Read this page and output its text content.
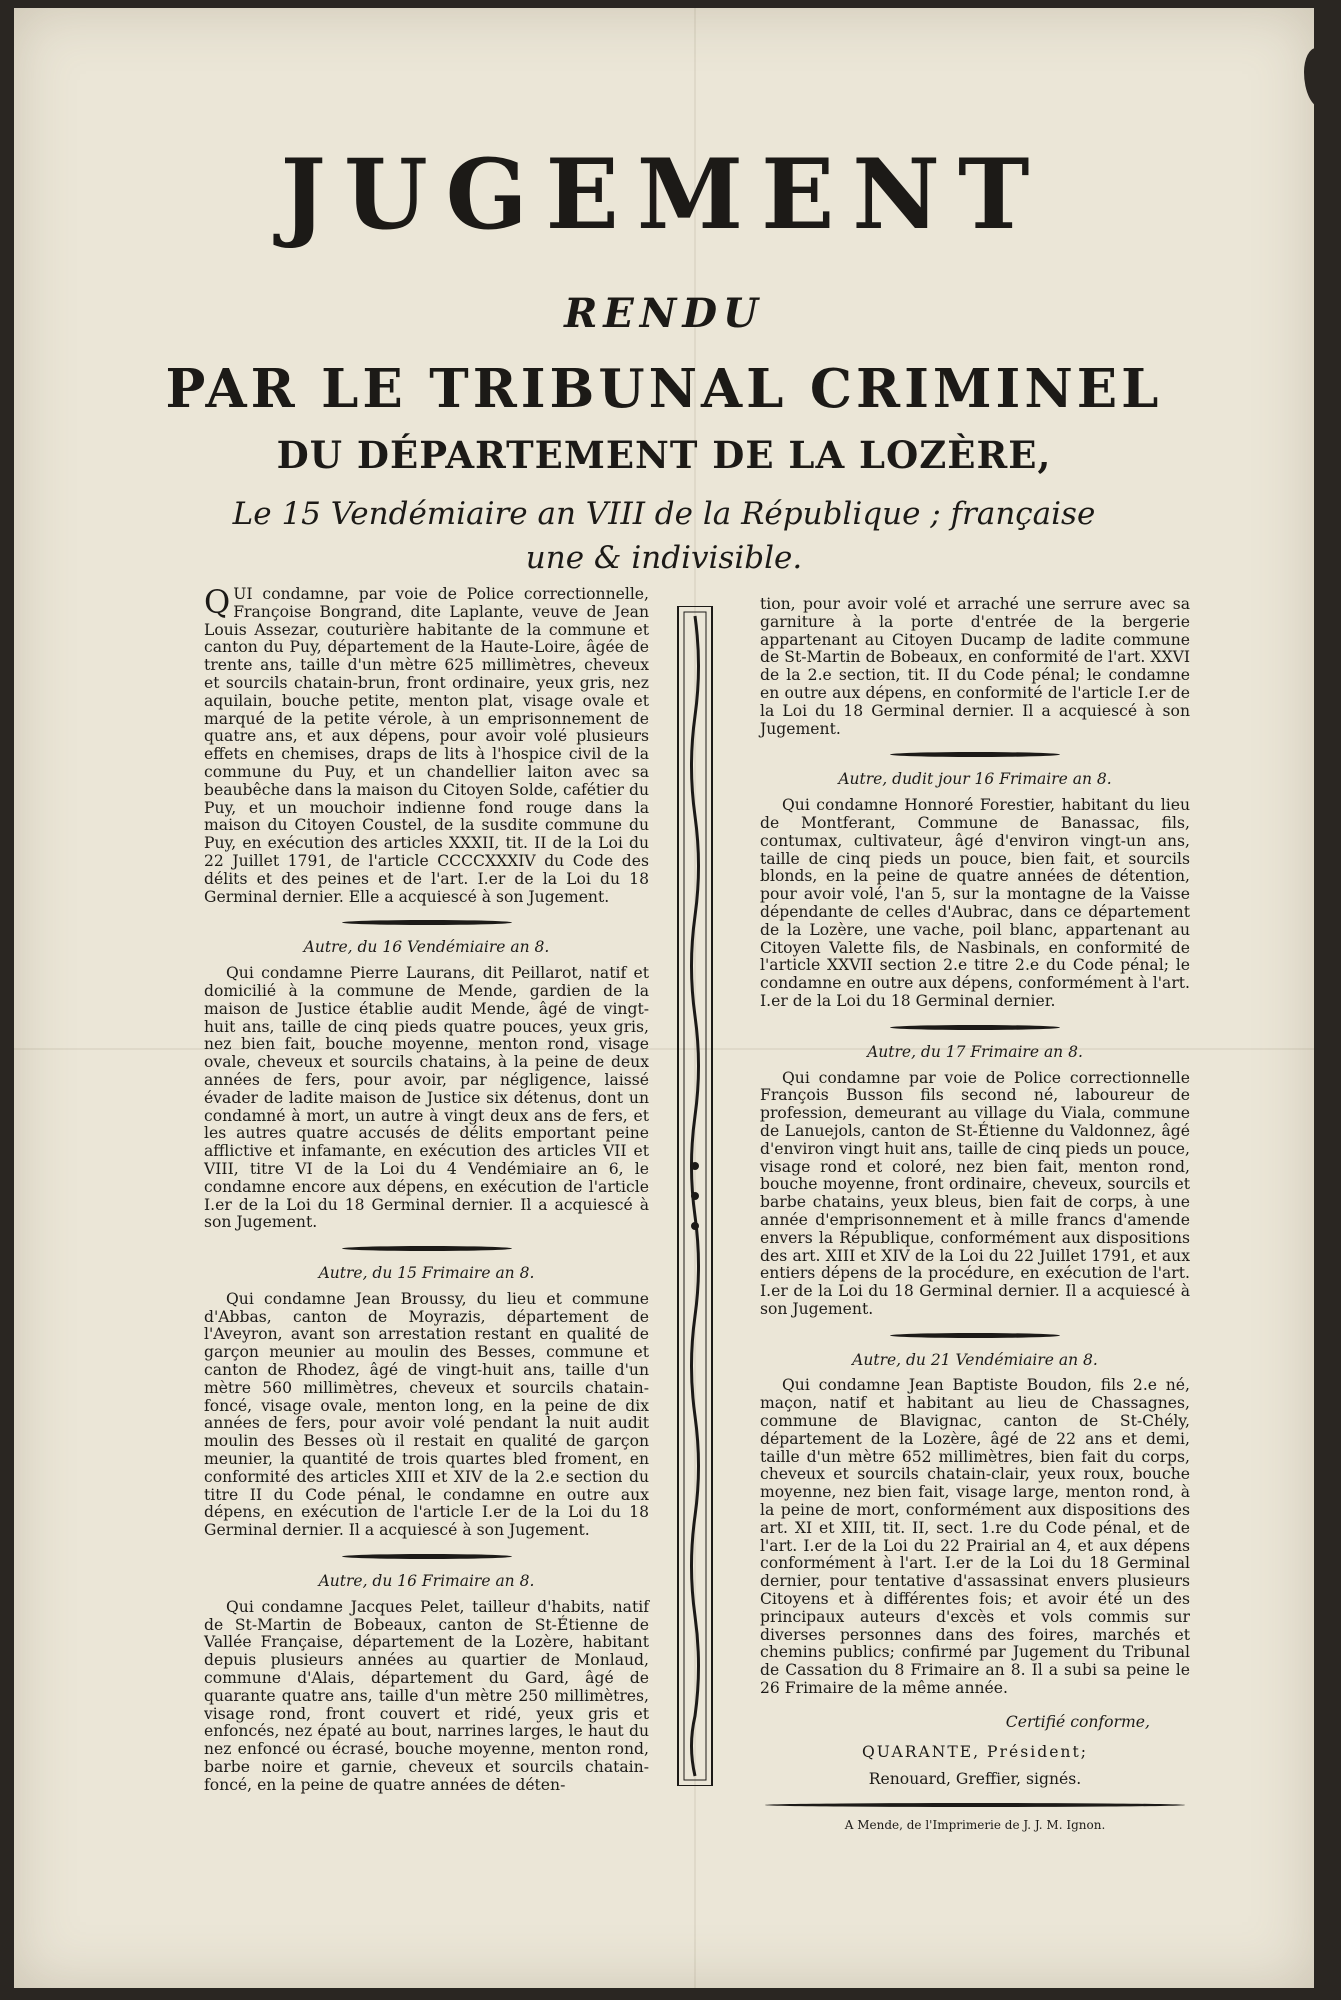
JUGEMENT
RENDU
PAR LE TRIBUNAL CRIMINEL
DU DÉPARTEMENT DE LA LOZÈRE,
Le 15 Vendémiaire an VIII de la République ; française une & indivisible.

QUI condamne, par voie de Police correctionnelle, Françoise Bongrand, dite Laplante, veuve de Jean Louis Assezar, couturière habitante de la commune et canton du Puy, département de la Haute-Loire, âgée de trente ans, taille d'un mètre 625 millimètres, cheveux et sourcils chatain-brun, front ordinaire, yeux gris, nez aquilain, bouche petite, menton plat, visage ovale et marqué de la petite vérole, à un emprisonnement de quatre ans, et aux dépens, pour avoir volé plusieurs effets en chemises, draps de lits à l'hospice civil de la commune du Puy, et un chandellier laiton avec sa beaubêche dans la maison du Citoyen Solde, cafétier du Puy, et un mouchoir indienne fond rouge dans la maison du Citoyen Coustel, de la susdite commune du Puy, en exécution des articles XXXII, tit. II de la Loi du 22 Juillet 1791, de l'article CCCCXXXIV du Code des délits et des peines et de l'art. I.er de la Loi du 18 Germinal dernier. Elle a acquiescé à son Jugement.

Autre, du 16 Vendémiaire an 8.

Qui condamne Pierre Laurans, dit Peillarot, natif et domicilié à la commune de Mende, gardien de la maison de Justice établie audit Mende, âgé de vingt-huit ans, taille de cinq pieds quatre pouces, yeux gris, nez bien fait, bouche moyenne, menton rond, visage ovale, cheveux et sourcils chatains, à la peine de deux années de fers, pour avoir, par négligence, laissé évader de ladite maison de Justice six détenus, dont un condamné à mort, un autre à vingt deux ans de fers, et les autres quatre accusés de délits emportant peine afflictive et infamante, en exécution des articles VII et VIII, titre VI de la Loi du 4 Vendémiaire an 6, le condamne encore aux dépens, en exécution de l'article I.er de la Loi du 18 Germinal dernier. Il a acquiescé à son Jugement.

Autre, du 15 Frimaire an 8.

Qui condamne Jean Broussy, du lieu et commune d'Abbas, canton de Moyrazis, département de l'Aveyron, avant son arrestation restant en qualité de garçon meunier au moulin des Besses, commune et canton de Rhodez, âgé de vingt-huit ans, taille d'un mètre 560 millimètres, cheveux et sourcils chatain-foncé, visage ovale, menton long, en la peine de dix années de fers, pour avoir volé pendant la nuit audit moulin des Besses où il restait en qualité de garçon meunier, la quantité de trois quartes bled froment, en conformité des articles XIII et XIV de la 2.e section du titre II du Code pénal, le condamne en outre aux dépens, en exécution de l'article I.er de la Loi du 18 Germinal dernier. Il a acquiescé à son Jugement.

Autre, du 16 Frimaire an 8.

Qui condamne Jacques Pelet, tailleur d'habits, natif de St-Martin de Bobeaux, canton de St-Étienne de Vallée Française, département de la Lozère, habitant depuis plusieurs années au quartier de Monlaud, commune d'Alais, département du Gard, âgé de quarante quatre ans, taille d'un mètre 250 millimètres, visage rond, front couvert et ridé, yeux gris et enfoncés, nez épaté au bout, narrines larges, le haut du nez enfoncé ou écrasé, bouche moyenne, menton rond, barbe noire et garnie, cheveux et sourcils chatain-foncé, en la peine de quatre années de déten-

tion, pour avoir volé et arraché une serrure avec sa garniture à la porte d'entrée de la bergerie appartenant au Citoyen Ducamp de ladite commune de St-Martin de Bobeaux, en conformité de l'art. XXVI de la 2.e section, tit. II du Code pénal; le condamne en outre aux dépens, en conformité de l'article I.er de la Loi du 18 Germinal dernier. Il a acquiescé à son Jugement.

Autre, dudit jour 16 Frimaire an 8.

Qui condamne Honnoré Forestier, habitant du lieu de Montferant, Commune de Banassac, fils, contumax, cultivateur, âgé d'environ vingt-un ans, taille de cinq pieds un pouce, bien fait, et sourcils blonds, en la peine de quatre années de détention, pour avoir volé, l'an 5, sur la montagne de la Vaisse dépendante de celles d'Aubrac, dans ce département de la Lozère, une vache, poil blanc, appartenant au Citoyen Valette fils, de Nasbinals, en conformité de l'article XXVII section 2.e titre 2.e du Code pénal; le condamne en outre aux dépens, conformément à l'art. I.er de la Loi du 18 Germinal dernier.

Autre, du 17 Frimaire an 8.

Qui condamne par voie de Police correctionnelle François Busson fils second né, laboureur de profession, demeurant au village du Viala, commune de Lanuejols, canton de St-Étienne du Valdonnez, âgé d'environ vingt huit ans, taille de cinq pieds un pouce, visage rond et coloré, nez bien fait, menton rond, bouche moyenne, front ordinaire, cheveux, sourcils et barbe chatains, yeux bleus, bien fait de corps, à une année d'emprisonnement et à mille francs d'amende envers la République, conformément aux dispositions des art. XIII et XIV de la Loi du 22 Juillet 1791, et aux entiers dépens de la procédure, en exécution de l'art. I.er de la Loi du 18 Germinal dernier. Il a acquiescé à son Jugement.

Autre, du 21 Vendémiaire an 8.

Qui condamne Jean Baptiste Boudon, fils 2.e né, maçon, natif et habitant au lieu de Chassagnes, commune de Blavignac, canton de St-Chély, département de la Lozère, âgé de 22 ans et demi, taille d'un mètre 652 millimètres, bien fait du corps, cheveux et sourcils chatain-clair, yeux roux, bouche moyenne, nez bien fait, visage large, menton rond, à la peine de mort, conformément aux dispositions des art. XI et XIII, tit. II, sect. 1.re du Code pénal, et de l'art. I.er de la Loi du 22 Prairial an 4, et aux dépens conformément à l'art. I.er de la Loi du 18 Germinal dernier, pour tentative d'assassinat envers plusieurs Citoyens et à différentes fois; et avoir été un des principaux auteurs d'excès et vols commis sur diverses personnes dans des foires, marchés et chemins publics; confirmé par Jugement du Tribunal de Cassation du 8 Frimaire an 8. Il a subi sa peine le 26 Frimaire de la même année.

Certifié conforme,

QUARANTE, Président;

Renouard, Greffier, signés.

A Mende, de l'Imprimerie de J. J. M. Ignon.
